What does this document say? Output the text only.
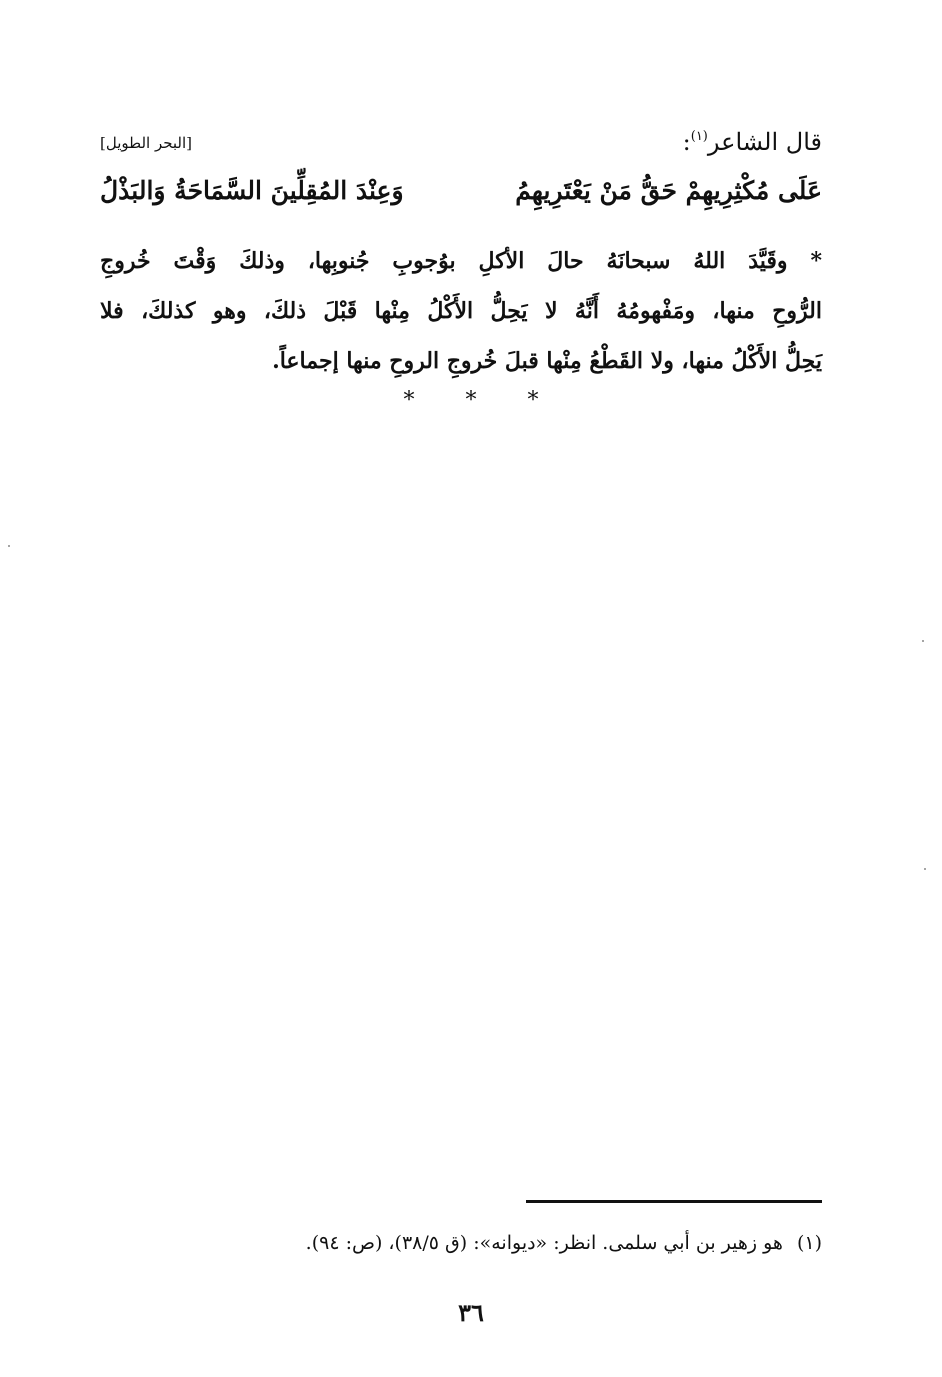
قال الشاعر$^{(١)}$:
[البحر الطويل]
عَلَى مُكْثِرِيهِمْ حَقُّ مَنْ يَعْتَرِيهِمُ
وَعِنْدَ المُقِلِّينَ السَّمَاحَةُ وَالبَذْلُ
* وقَيَّدَ اللهُ سبحانَهُ حالَ الأكلِ بوُجوبِ جُنوبِها، وذلكَ وَقْتَ خُروجِ
الرُّوحِ منها، ومَفْهومُهُ أَنَّهُ لا يَحِلُّ الأَكْلُ مِنْها قَبْلَ ذلكَ، وهو كذلكَ، فلا
يَحِلُّ الأَكْلُ منها، ولا القَطْعُ مِنْها قبلَ خُروجِ الروحِ منها إجماعاً.
* * *
(١)هو زهير بن أبي سلمى. انظر: «ديوانه»: (ق ٣٨/٥)، (ص: ٩٤).
٣٦
